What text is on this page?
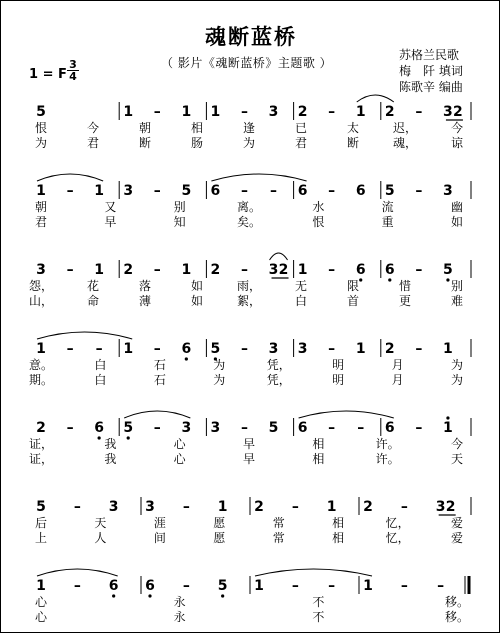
魂断蓝桥
（ 影片《魂断蓝桥》主题歌 ）
1 = F
3
4
苏格兰民歌
梅　阡 填词
陈歌辛 编曲
5	1 – 1 1 – 3 2 – 1 2 – 3 2
恨	今	朝	相	逢	已	太	迟，	今
为	君	断	肠	为	君	断	魂，	谅
1 – 1 3 – 5 6 – – 6 – 6 5 – 3
朝	又	别	离。	水	流	幽
君	早	知	矣。	恨	重	如
3 – 1 2 – 1 2 – 3 2 1 – 6 6 – 5
怨，	花	落	如	雨，	无	限	惜	别
山，	命	薄	如	絮，	白	首	更	难
1 – – 1 – 6 5 – 3 3 – 1 2 – 1
意。	白	石	为	凭，	明	月	为
期。	白	石	为	凭，	明	月	为
2 – 6 5 – 3 3 – 5 6 – – 6 – 1
证，	我	心	早	相	许。	今
证，	我	心	早	相	许。	天
5 – 3 3 – 1 2 – 1 2 – 3 2
后	天	涯	愿	常	相	忆，	爱
上	人	间	愿	常	相	忆，	爱
1 – 6 6 – 5 1 – – 1 – –
心	永	不	移。
心	永	不	移。
